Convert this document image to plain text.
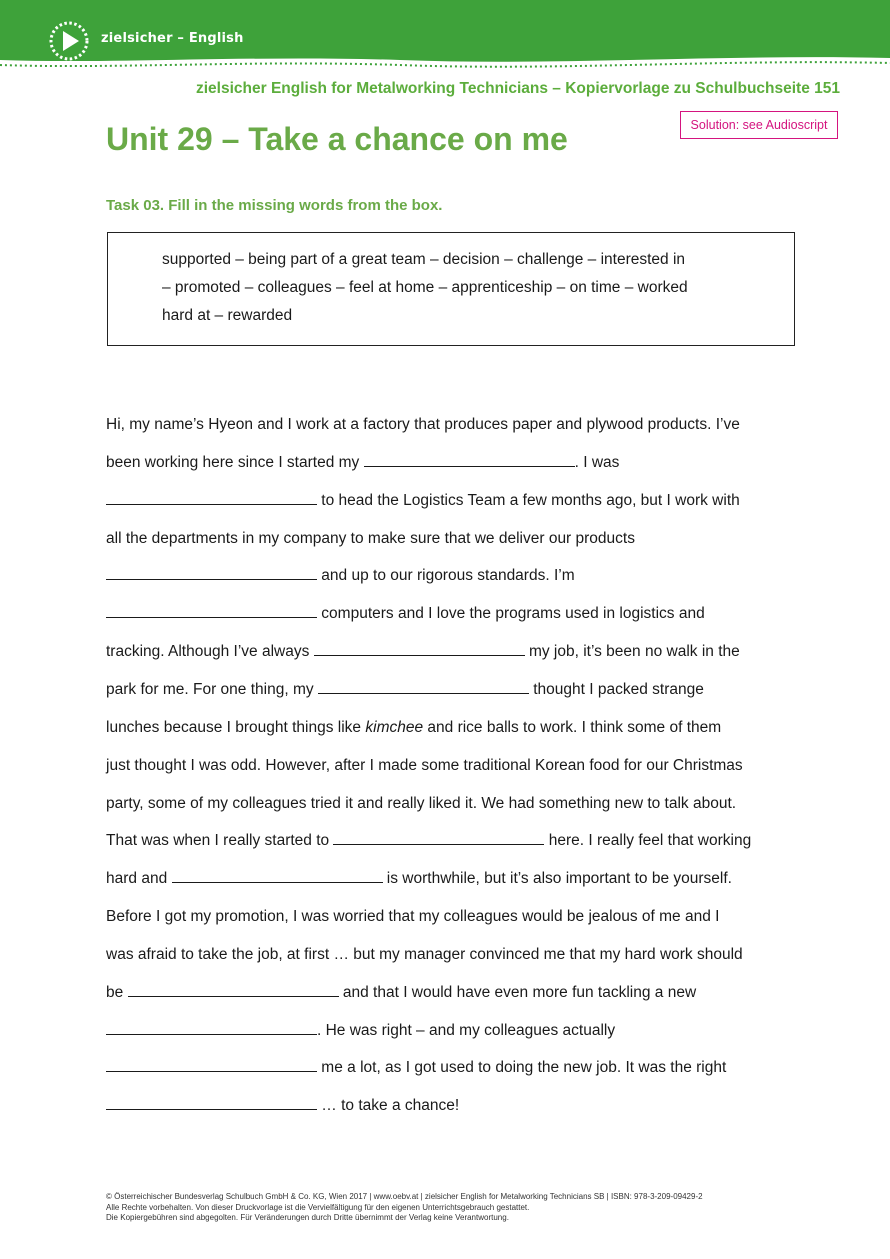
zielsicher – English
zielsicher English for Metalworking Technicians – Kopiervorlage zu Schulbuchseite 151
Unit 29 – Take a chance on me	Solution: see Audioscript
Task 03. Fill in the missing words from the box.
supported – being part of a great team – decision – challenge – interested in
– promoted – colleagues – feel at home – apprenticeship – on time – worked
hard at – rewarded
Hi, my name’s Hyeon and I work at a factory that produces paper and plywood products. I’ve
been working here since I started my	. I was
to head the Logistics Team a few months ago, but I work with
all the departments in my company to make sure that we deliver our products
and up to our rigorous standards. I’m
computers and I love the programs used in logistics and
tracking. Although I’ve always	my job, it’s been no walk in the
park for me. For one thing, my	thought I packed strange
lunches because I brought things like kimchee and rice balls to work. I think some of them
just thought I was odd. However, after I made some traditional Korean food for our Christmas
party, some of my colleagues tried it and really liked it. We had something new to talk about.
That was when I really started to	here. I really feel that working
hard and	is worthwhile, but it’s also important to be yourself.
Before I got my promotion, I was worried that my colleagues would be jealous of me and I
was afraid to take the job, at first … but my manager convinced me that my hard work should
be	and that I would have even more fun tackling a new
. He was right – and my colleagues actually
me a lot, as I got used to doing the new job. It was the right
… to take a chance!
© Österreichischer Bundesverlag Schulbuch GmbH & Co. KG, Wien 2017 | www.oebv.at | zielsicher English for Metalworking Technicians SB | ISBN: 978-3-209-09429-2
Alle Rechte vorbehalten. Von dieser Druckvorlage ist die Vervielfältigung für den eigenen Unterrichtsgebrauch gestattet.
Die Kopiergebühren sind abgegolten. Für Veränderungen durch Dritte übernimmt der Verlag keine Verantwortung.
